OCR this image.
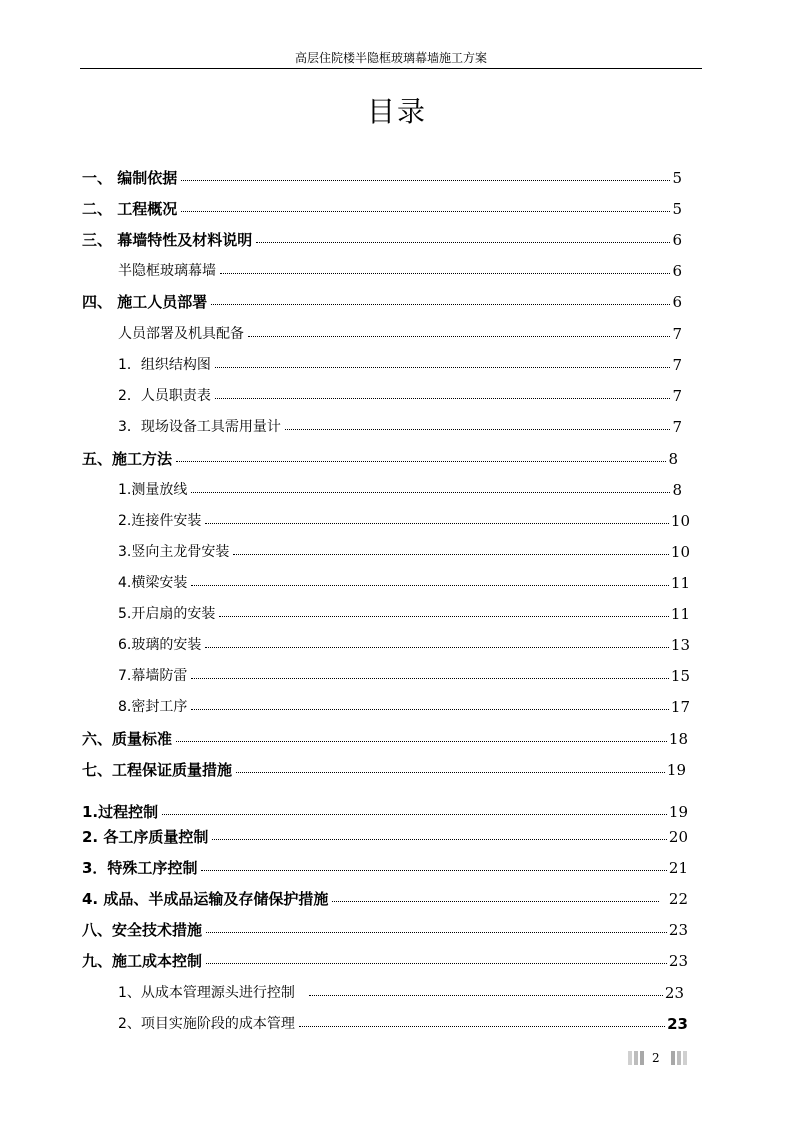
高层住院楼半隐框玻璃幕墙施工方案
目录
一、 编制依据	5
二、 工程概况	5
三、 幕墙特性及材料说明	6
半隐框玻璃幕墙	6
四、 施工人员部署	6
人员部署及机具配备	7
1．组织结构图	7
2．人员职责表	7
3．现场设备工具需用量计	7
五、施工方法	8
1.测量放线	8
2.连接件安装	10
3.竖向主龙骨安装	10
4.横梁安装	11
5.开启扇的安装	11
6.玻璃的安装	13
7.幕墙防雷	15
8.密封工序	17
六、质量标准	18
七、工程保证质量措施	19
1.过程控制	19
2. 各工序质量控制	20
3．特殊工序控制	21
4. 成品、半成品运输及存储保护措施	22
八、安全技术措施	23
九、施工成本控制	23
1、从成本管理源头进行控制	23
2、项目实施阶段的成本管理	23
2
